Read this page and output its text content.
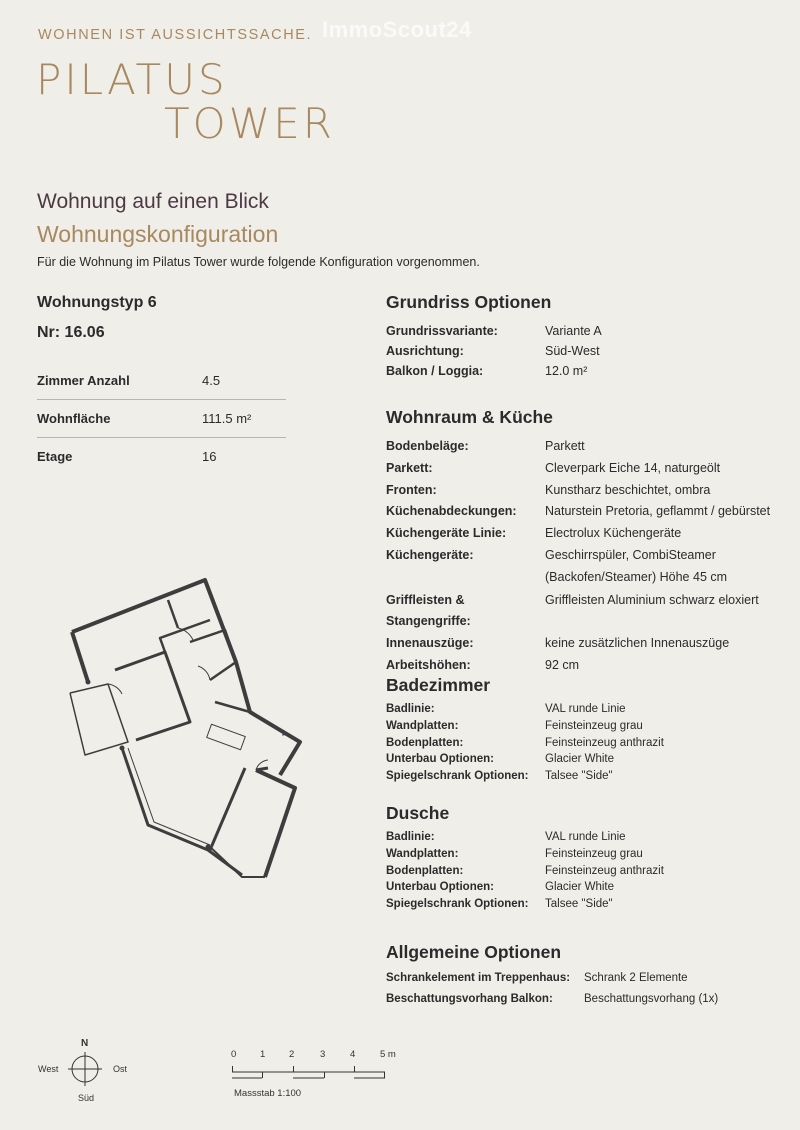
WOHNEN IST AUSSICHTSSACHE. ImmoScout24
PILATUS
TOWER
Wohnung auf einen Blick
Wohnungskonfiguration
Für die Wohnung im Pilatus Tower wurde folgende Konfiguration vorgenommen.
Wohnungstyp 6
Nr: 16.06
Zimmer Anzahl	4.5
Wohnfläche	111.5 m²
Etage	16
Grundriss Optionen
Grundrissvariante:	Variante A
Ausrichtung:	Süd-West
Balkon / Loggia:	12.0 m²
Wohnraum & Küche
Bodenbeläge:	Parkett
Parkett:	Cleverpark Eiche 14, naturgeölt
Fronten:	Kunstharz beschichtet, ombra
Küchenabdeckungen:	Naturstein Pretoria, geflammt / gebürstet
Küchengeräte Linie:	Electrolux Küchengeräte
Küchengeräte:	Geschirrspüler, CombiSteamer
(Backofen/Steamer) Höhe 45 cm
Griffleisten & Stangengriffe:
Griffleisten Aluminium schwarz eloxiert
Innenauszüge:	keine zusätzlichen Innenauszüge
Arbeitshöhen:	92 cm
Badezimmer
Badlinie:	VAL runde Linie
Wandplatten:	Feinsteinzeug grau
Bodenplatten:	Feinsteinzeug anthrazit
Unterbau Optionen:	Glacier White
Spiegelschrank Optionen:	Talsee "Side"
Dusche
Badlinie:	VAL runde Linie
Wandplatten:	Feinsteinzeug grau
Bodenplatten:	Feinsteinzeug anthrazit
Unterbau Optionen:	Glacier White
Spiegelschrank Optionen:	Talsee "Side"
Allgemeine Optionen
Schrankelement im Treppenhaus:	Schrank 2 Elemente
Beschattungsvorhang Balkon:	Beschattungsvorhang (1x)
N
West	Ost
Süd
0 1 2	3	4	5 m
Massstab 1:100
